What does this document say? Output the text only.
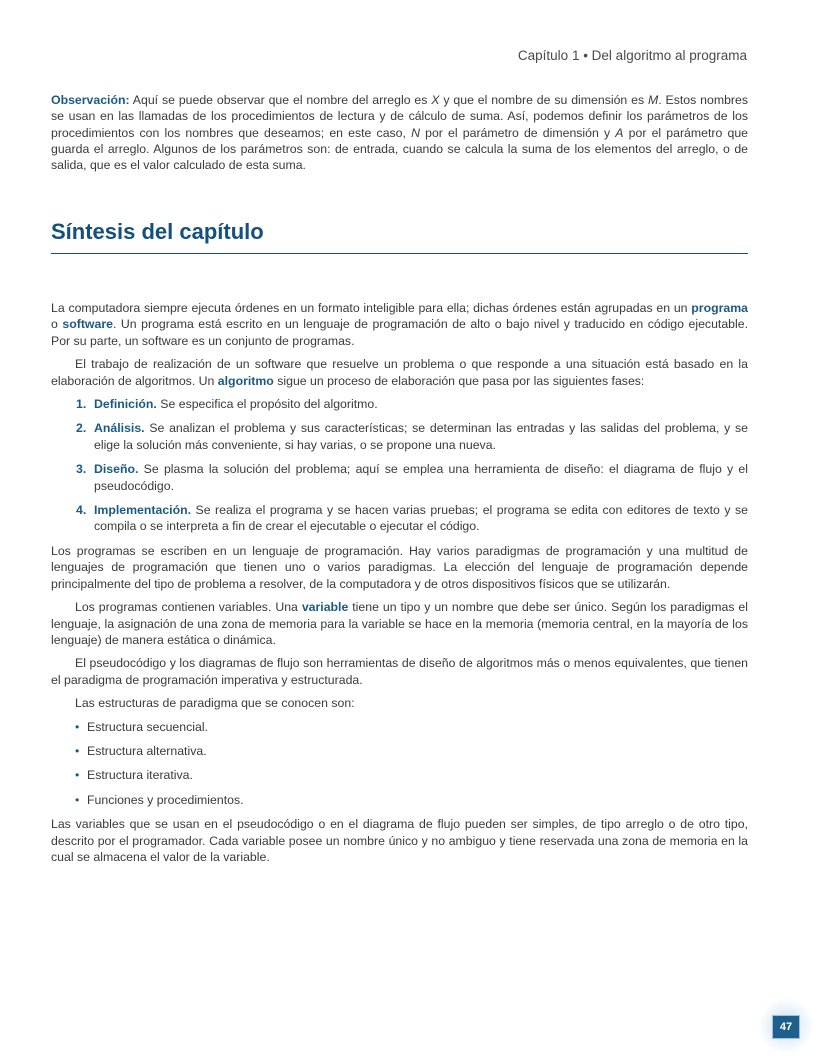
Capítulo 1 • Del algoritmo al programa

Observación: Aquí se puede observar que el nombre del arreglo es X y que el nombre de su dimensión es M. Estos nombres se usan en las llamadas de los procedimientos de lectura y de cálculo de suma. Así, podemos definir los parámetros de los procedimientos con los nombres que deseamos; en este caso, N por el parámetro de dimensión y A por el parámetro que guarda el arreglo. Algunos de los parámetros son: de entrada, cuando se calcula la suma de los elementos del arreglo, o de salida, que es el valor calculado de esta suma.

Síntesis del capítulo

La computadora siempre ejecuta órdenes en un formato inteligible para ella; dichas órdenes están agrupadas en un programa o software. Un programa está escrito en un lenguaje de programación de alto o bajo nivel y traducido en código ejecutable. Por su parte, un software es un conjunto de programas.

El trabajo de realización de un software que resuelve un problema o que responde a una situación está basado en la elaboración de algoritmos. Un algoritmo sigue un proceso de elaboración que pasa por las siguientes fases:

1. Definición. Se especifica el propósito del algoritmo.
2. Análisis. Se analizan el problema y sus características; se determinan las entradas y las salidas del problema, y se elige la solución más conveniente, si hay varias, o se propone una nueva.
3. Diseño. Se plasma la solución del problema; aquí se emplea una herramienta de diseño: el diagrama de flujo y el pseudocódigo.
4. Implementación. Se realiza el programa y se hacen varias pruebas; el programa se edita con editores de texto y se compila o se interpreta a fin de crear el ejecutable o ejecutar el código.

Los programas se escriben en un lenguaje de programación. Hay varios paradigmas de programación y una multitud de lenguajes de programación que tienen uno o varios paradigmas. La elección del lenguaje de programación depende principalmente del tipo de problema a resolver, de la computadora y de otros dispositivos físicos que se utilizarán.

Los programas contienen variables. Una variable tiene un tipo y un nombre que debe ser único. Según los paradigmas el lenguaje, la asignación de una zona de memoria para la variable se hace en la memoria (memoria central, en la mayoría de los lenguaje) de manera estática o dinámica.

El pseudocódigo y los diagramas de flujo son herramientas de diseño de algoritmos más o menos equivalentes, que tienen el paradigma de programación imperativa y estructurada.

Las estructuras de paradigma que se conocen son:

• Estructura secuencial.
• Estructura alternativa.
• Estructura iterativa.
• Funciones y procedimientos.

Las variables que se usan en el pseudocódigo o en el diagrama de flujo pueden ser simples, de tipo arreglo o de otro tipo, descrito por el programador. Cada variable posee un nombre único y no ambiguo y tiene reservada una zona de memoria en la cual se almacena el valor de la variable.

47
